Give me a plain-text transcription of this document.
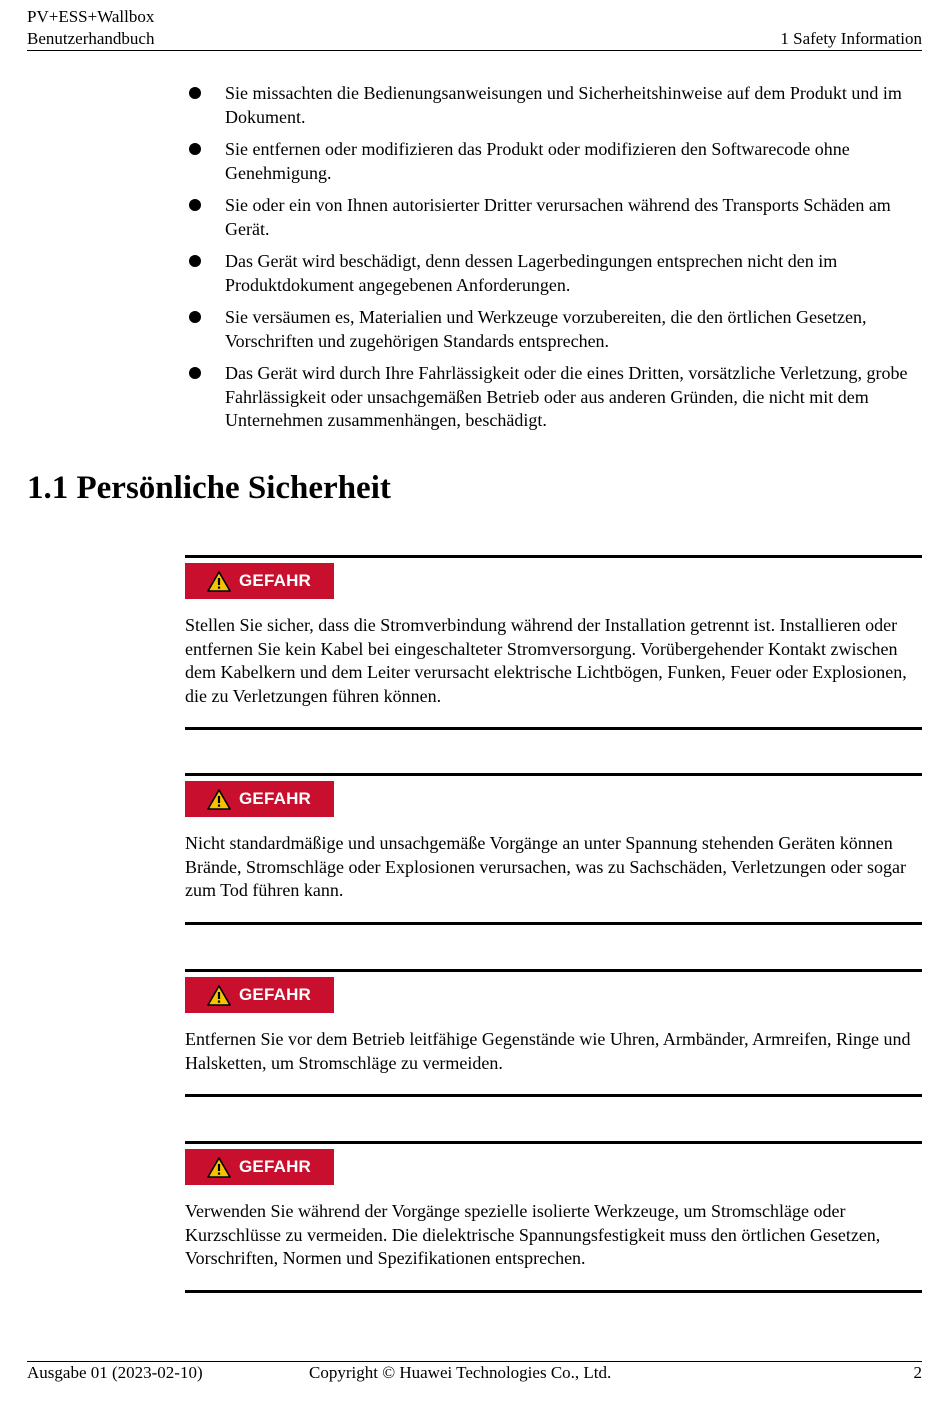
PV+ESS+Wallbox
Benutzerhandbuch	1 Safety Information
Sie missachten die Bedienungsanweisungen und Sicherheitshinweise auf dem Produkt und im Dokument.
Sie entfernen oder modifizieren das Produkt oder modifizieren den Softwarecode ohne Genehmigung.
Sie oder ein von Ihnen autorisierter Dritter verursachen während des Transports Schäden am Gerät.
Das Gerät wird beschädigt, denn dessen Lagerbedingungen entsprechen nicht den im Produktdokument angegebenen Anforderungen.
Sie versäumen es, Materialien und Werkzeuge vorzubereiten, die den örtlichen Gesetzen, Vorschriften und zugehörigen Standards entsprechen.
Das Gerät wird durch Ihre Fahrlässigkeit oder die eines Dritten, vorsätzliche Verletzung, grobe Fahrlässigkeit oder unsachgemäßen Betrieb oder aus anderen Gründen, die nicht mit dem Unternehmen zusammenhängen, beschädigt.
1.1 Persönliche Sicherheit
GEFAHR
Stellen Sie sicher, dass die Stromverbindung während der Installation getrennt ist. Installieren oder entfernen Sie kein Kabel bei eingeschalteter Stromversorgung. Vorübergehender Kontakt zwischen dem Kabelkern und dem Leiter verursacht elektrische Lichtbögen, Funken, Feuer oder Explosionen, die zu Verletzungen führen können.
GEFAHR
Nicht standardmäßige und unsachgemäße Vorgänge an unter Spannung stehenden Geräten können Brände, Stromschläge oder Explosionen verursachen, was zu Sachschäden, Verletzungen oder sogar zum Tod führen kann.
GEFAHR
Entfernen Sie vor dem Betrieb leitfähige Gegenstände wie Uhren, Armbänder, Armreifen, Ringe und Halsketten, um Stromschläge zu vermeiden.
GEFAHR
Verwenden Sie während der Vorgänge spezielle isolierte Werkzeuge, um Stromschläge oder Kurzschlüsse zu vermeiden. Die dielektrische Spannungsfestigkeit muss den örtlichen Gesetzen, Vorschriften, Normen und Spezifikationen entsprechen.
Ausgabe 01 (2023-02-10)	Copyright © Huawei Technologies Co., Ltd.	2
